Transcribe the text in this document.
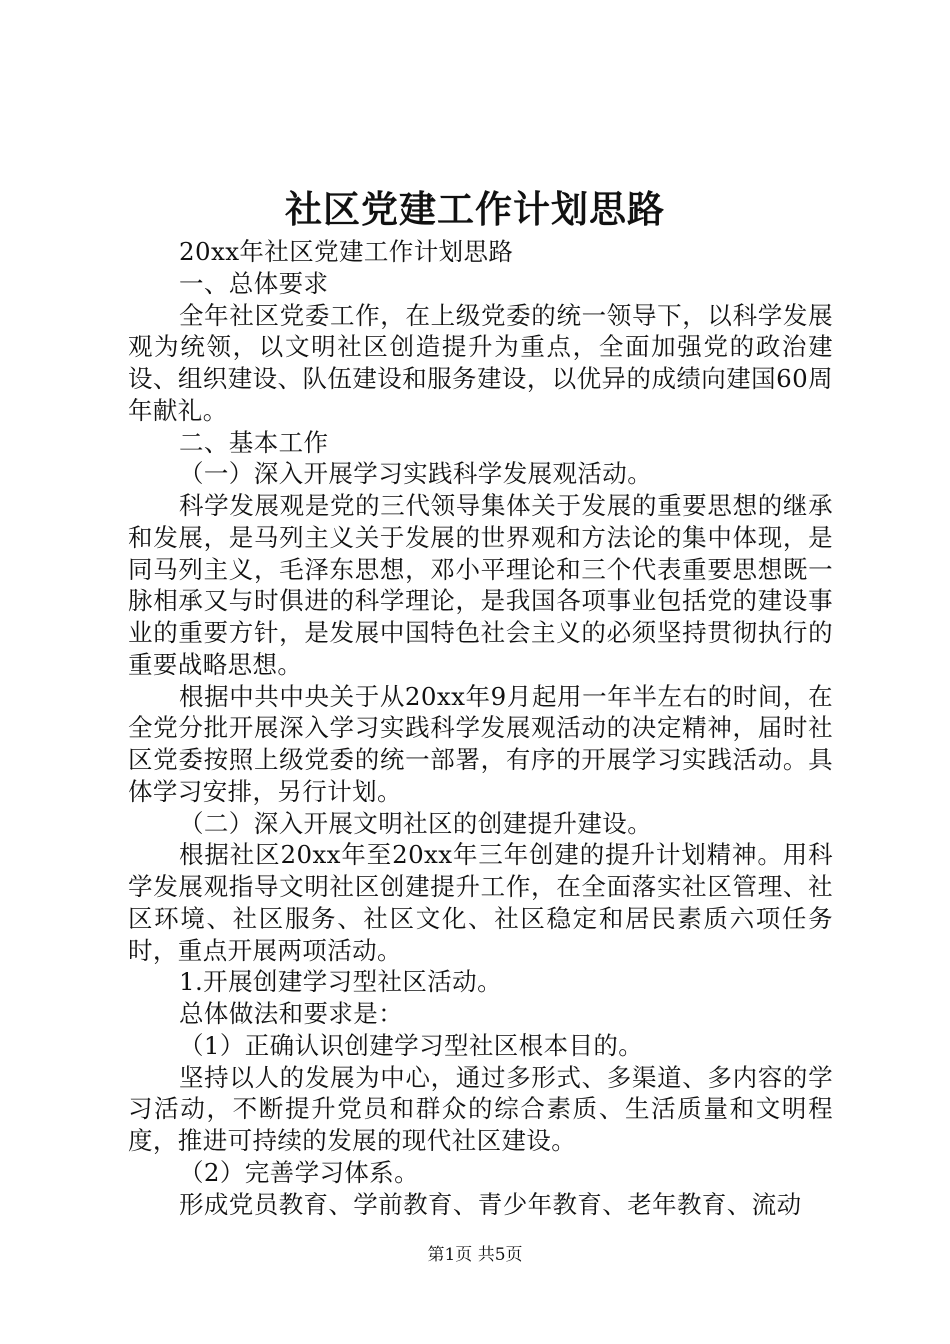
社区党建工作计划思路

20xx年社区党建工作计划思路

一、总体要求

全年社区党委工作，在上级党委的统一领导下，以科学发展观为统领，以文明社区创造提升为重点，全面加强党的政治建设、组织建设、队伍建设和服务建设，以优异的成绩向建国60周年献礼。

二、基本工作

（一）深入开展学习实践科学发展观活动。

科学发展观是党的三代领导集体关于发展的重要思想的继承和发展，是马列主义关于发展的世界观和方法论的集中体现，是同马列主义，毛泽东思想，邓小平理论和三个代表重要思想既一脉相承又与时俱进的科学理论，是我国各项事业包括党的建设事业的重要方针，是发展中国特色社会主义的必须坚持贯彻执行的重要战略思想。

根据中共中央关于从20xx年9月起用一年半左右的时间，在全党分批开展深入学习实践科学发展观活动的决定精神，届时社区党委按照上级党委的统一部署，有序的开展学习实践活动。具体学习安排，另行计划。

（二）深入开展文明社区的创建提升建设。

根据社区20xx年至20xx年三年创建的提升计划精神。用科学发展观指导文明社区创建提升工作，在全面落实社区管理、社区环境、社区服务、社区文化、社区稳定和居民素质六项任务时，重点开展两项活动。

1.开展创建学习型社区活动。

总体做法和要求是：

（1）正确认识创建学习型社区根本目的。

坚持以人的发展为中心，通过多形式、多渠道、多内容的学习活动，不断提升党员和群众的综合素质、生活质量和文明程度，推进可持续的发展的现代社区建设。

（2）完善学习体系。

形成党员教育、学前教育、青少年教育、老年教育、流动

第1页 共5页
